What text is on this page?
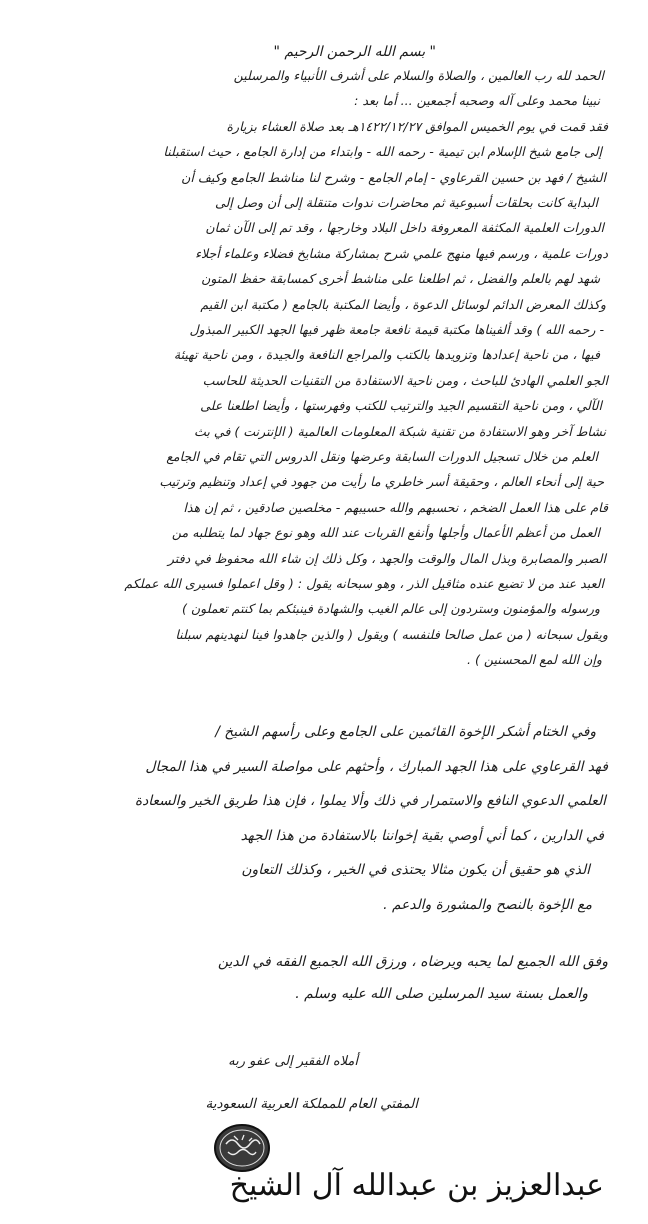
" بسم الله الرحمن الرحيم "
الحمد لله رب العالمين ، والصلاة والسلام على أشرف الأنبياء والمرسلين
نبينا محمد وعلى آله وصحبه أجمعين ... أما بعد :
فقد قمت في يوم الخميس الموافق ١٤٢٢/١٢/٢٧هـ بعد صلاة العشاء بزيارة
إلى جامع شيخ الإسلام ابن تيمية - رحمه الله - وابتداء من إدارة الجامع ، حيث استقبلنا
الشيخ / فهد بن حسين القرعاوي - إمام الجامع - وشرح لنا مناشط الجامع وكيف أن
البداية كانت بحلقات أسبوعية ثم محاضرات ندوات متنقلة إلى أن وصل إلى
الدورات العلمية المكثفة المعروفة داخل البلاد وخارجها ، وقد تم إلى الآن ثمان
دورات علمية ، ورسم فيها منهج علمي شرح بمشاركة مشايخ فضلاء وعلماء أجلاء
شهد لهم بالعلم والفضل ، ثم اطلعنا على مناشط أخرى كمسابقة حفظ المتون
وكذلك المعرض الدائم لوسائل الدعوة ، وأيضا المكتبة بالجامع ( مكتبة ابن القيم
- رحمه الله ) وقد ألفيناها مكتبة قيمة نافعة جامعة ظهر فيها الجهد الكبير المبذول
فيها ، من ناحية إعدادها وتزويدها بالكتب والمراجع النافعة والجيدة ، ومن ناحية تهيئة
الجو العلمي الهادئ للباحث ، ومن ناحية الاستفادة من التقنيات الحديثة للحاسب
الآلي ، ومن ناحية التقسيم الجيد والترتيب للكتب وفهرستها ، وأيضا اطلعنا على
نشاط آخر وهو الاستفادة من تقنية شبكة المعلومات العالمية ( الإنترنت ) في بث
العلم من خلال تسجيل الدورات السابقة وعرضها ونقل الدروس التي تقام في الجامع
حية إلى أنحاء العالم ، وحقيقة أسر خاطري ما رأيت من جهود في إعداد وتنظيم وترتيب
قام على هذا العمل الضخم ، نحسبهم والله حسيبهم - مخلصين صادقين ، ثم إن هذا
العمل من أعظم الأعمال وأجلها وأنفع القربات عند الله وهو نوع جهاد لما يتطلبه من
الصبر والمصابرة وبذل المال والوقت والجهد ، وكل ذلك إن شاء الله محفوظ في دفتر
العبد عند من لا تضيع عنده مثاقيل الذر ، وهو سبحانه يقول : ( وقل اعملوا فسيرى الله عملكم
ورسوله والمؤمنون وستردون إلى عالم الغيب والشهادة فينبئكم بما كنتم تعملون )
ويقول سبحانه ( من عمل صالحا فلنفسه ) ويقول ( والذين جاهدوا فينا لنهدينهم سبلنا
وإن الله لمع المحسنين ) .
وفي الختام أشكر الإخوة القائمين على الجامع وعلى رأسهم الشيخ /
فهد القرعاوي على هذا الجهد المبارك ، وأحثهم على مواصلة السير في هذا المجال
العلمي الدعوي النافع والاستمرار في ذلك وألا يملوا ، فإن هذا طريق الخير والسعادة
في الدارين ، كما أني أوصي بقية إخواننا بالاستفادة من هذا الجهد
الذي هو حقيق أن يكون مثالا يحتذى في الخير ، وكذلك التعاون
مع الإخوة بالنصح والمشورة والدعم .
وفق الله الجميع لما يحبه ويرضاه ، ورزق الله الجميع الفقه في الدين
والعمل بسنة سيد المرسلين صلى الله عليه وسلم .
أملاه الفقير إلى عفو ربه
المفتي العام للمملكة العربية السعودية
عبدالعزيز بن عبدالله آل الشيخ
